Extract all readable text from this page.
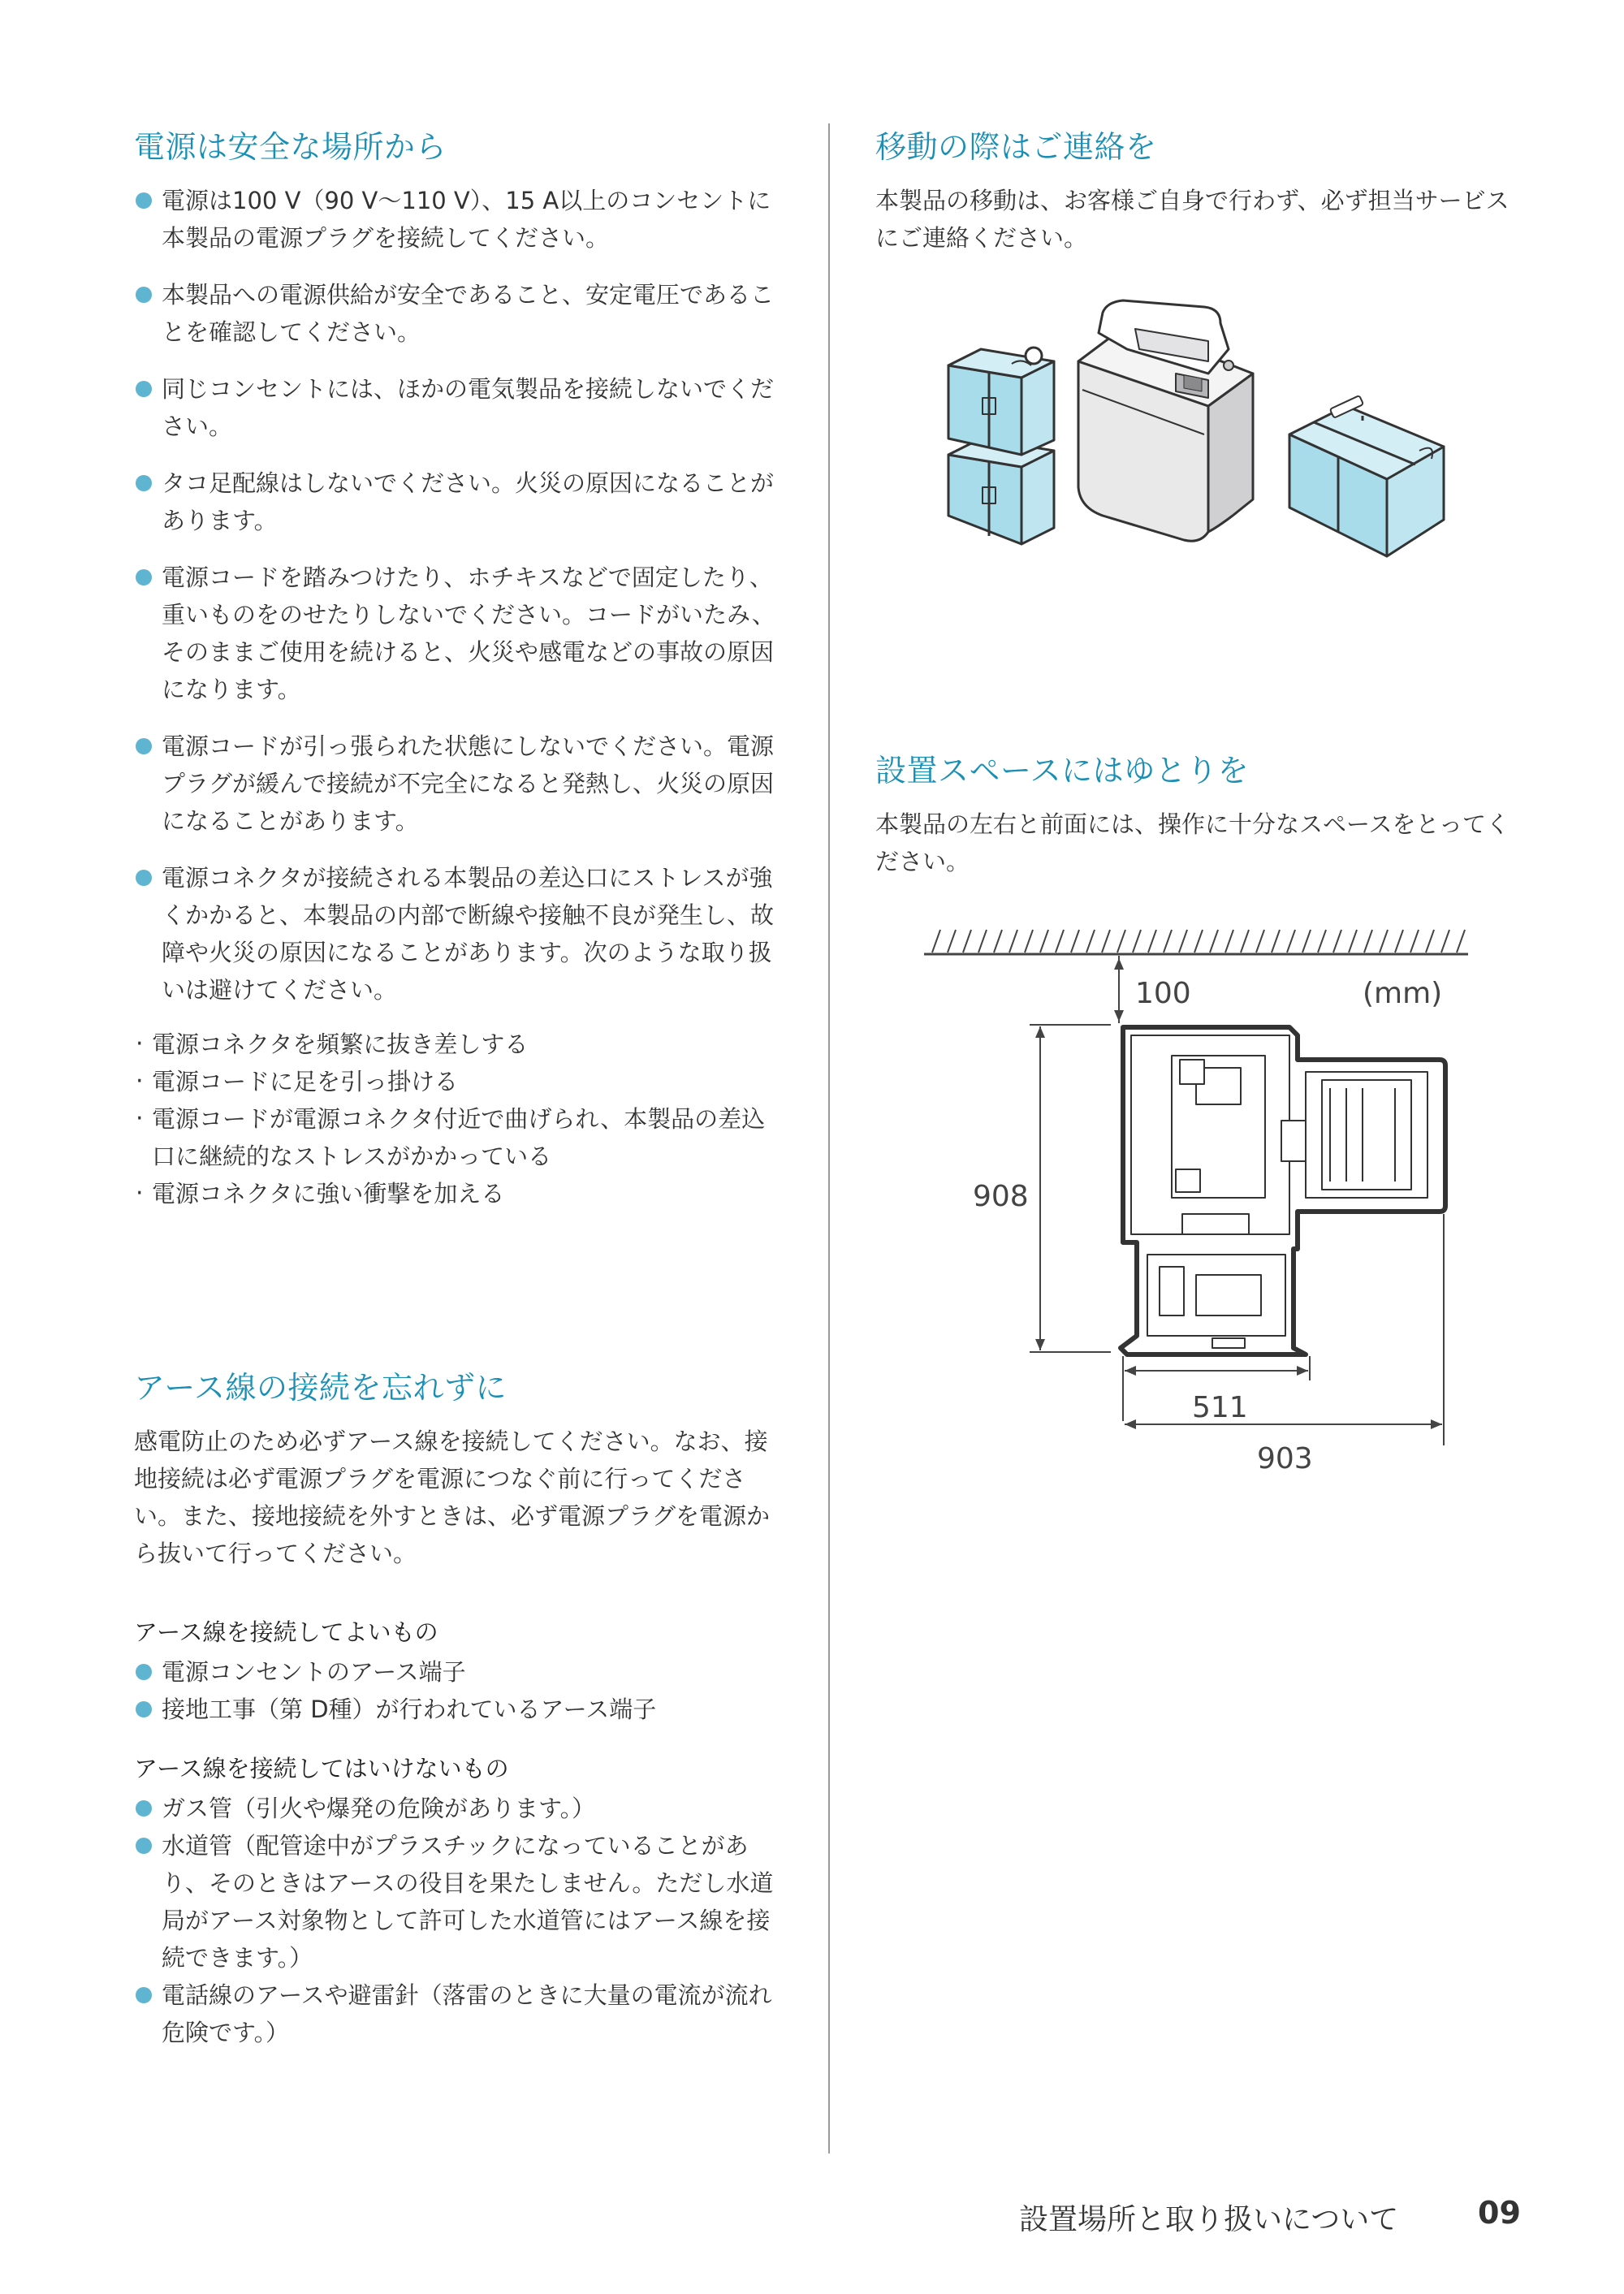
電源は安全な場所から
電源は100 V（90 V～110 V）、15 A以上のコンセントに本製品の電源プラグを接続してください。
本製品への電源供給が安全であること、安定電圧であることを確認してください。
同じコンセントには、ほかの電気製品を接続しないでください。
タコ足配線はしないでください。火災の原因になることがあります。
電源コードを踏みつけたり、ホチキスなどで固定したり、重いものをのせたりしないでください。コードがいたみ、そのままご使用を続けると、火災や感電などの事故の原因になります。
電源コードが引っ張られた状態にしないでください。電源プラグが緩んで接続が不完全になると発熱し、火災の原因になることがあります。
電源コネクタが接続される本製品の差込口にストレスが強くかかると、本製品の内部で断線や接触不良が発生し、故障や火災の原因になることがあります。次のような取り扱いは避けてください。
· 電源コネクタを頻繁に抜き差しする
· 電源コードに足を引っ掛ける
· 電源コードが電源コネクタ付近で曲げられ、本製品の差込口に継続的なストレスがかかっている
· 電源コネクタに強い衝撃を加える
アース線の接続を忘れずに

感電防止のため必ずアース線を接続してください。なお、接地接続は必ず電源プラグを電源につなぐ前に行ってください。また、接地接続を外すときは、必ず電源プラグを電源から抜いて行ってください。

アース線を接続してよいもの

電源コンセントのアース端子
接地工事（第 D種）が行われているアース端子

アース線を接続してはいけないもの

ガス管（引火や爆発の危険があります。）
水道管（配管途中がプラスチックになっていることがあり、そのときはアースの役目を果たしません。ただし水道局がアース対象物として許可した水道管にはアース線を接続できます。）
電話線のアースや避雷針（落雷のときに大量の電流が流れ危険です。）
移動の際はご連絡を

本製品の移動は、お客様ご自身で行わず、必ず担当サービスにご連絡ください。

設置スペースにはゆとりを

本製品の左右と前面には、操作に十分なスペースをとってください。

100	(mm)
908
511
903
設置場所と取り扱いについて	09
